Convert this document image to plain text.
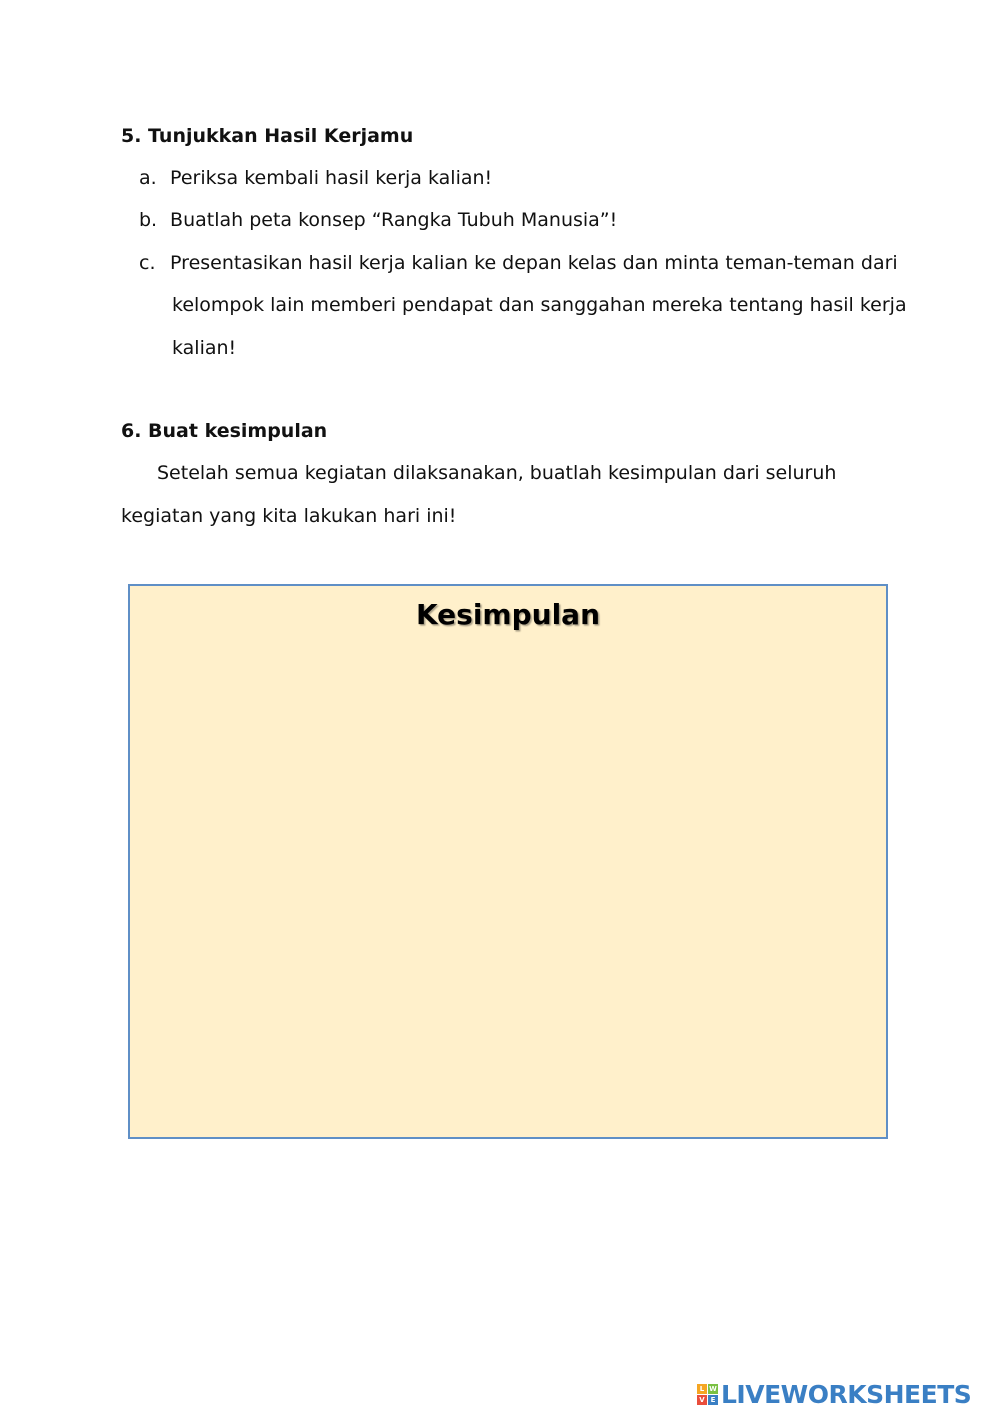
5. Tunjukkan Hasil Kerjamu
a. Periksa kembali hasil kerja kalian!
b. Buatlah peta konsep “Rangka Tubuh Manusia”!
c. Presentasikan hasil kerja kalian ke depan kelas dan minta teman-teman dari
kelompok lain memberi pendapat dan sanggahan mereka tentang hasil kerja
kalian!
6. Buat kesimpulan
Setelah semua kegiatan dilaksanakan, buatlah kesimpulan dari seluruh
kegiatan yang kita lakukan hari ini!
Kesimpulan
L W
V E LIVEWORKSHEETS
